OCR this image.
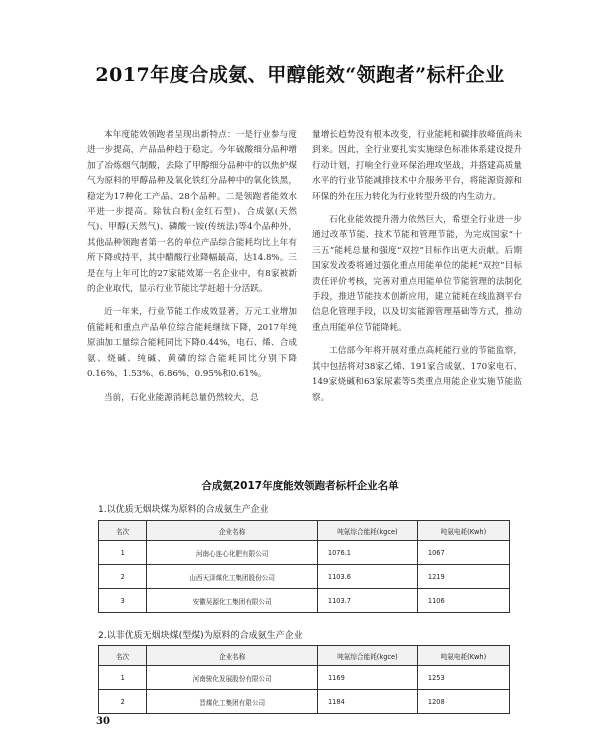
2017年度合成氨、甲醇能效“领跑者”标杆企业

本年度能效领跑者呈现出新特点：一是行业参与度进一步提高，产品品种趋于稳定。今年硫酸细分品种增加了冶炼烟气制酸，去除了甲醇细分品种中的以焦炉煤气为原料的甲醇品种及氧化铁红分品种中的氧化铁黑，稳定为17种化工产品、28个品种。二是领跑者能效水平进一步提高。除钛白粉(金红石型)、合成氨(天然气)、甲醇(天然气)、磷酸一铵(传统法)等4个品种外，其他品种领跑者第一名的单位产品综合能耗均比上年有所下降或持平，其中醋酸行业降幅最高，达14.8%。三是在与上年可比的27家能效第一名企业中，有8家被新的企业取代，显示行业节能比学赶超十分活跃。

近一年来，行业节能工作成效显著，万元工业增加值能耗和重点产品单位综合能耗继续下降，2017年纯原油加工量综合能耗同比下降0.44%，电石、烯、合成氨、烧碱、纯碱、黄磷的综合能耗同比分别下降0.16%、1.53%、6.86%、0.95%和0.61%。

当前，石化业能源消耗总量仍然较大，总

量增长趋势没有根本改变，行业能耗和碳排放峰值尚未到来。因此，全行业要扎实实施绿色标准体系建设提升行动计划，打响全行业环保治理攻坚战，并搭建高质量水平的行业节能减排技术中介服务平台，将能源资源和环保的外在压力转化为行业转型升级的内生动力。

石化业能效提升潜力依然巨大，希望全行业进一步通过改革节能、技术节能和管理节能，为完成国家“十三五”能耗总量和强度“双控”目标作出更大贡献。后期国家发改委将通过强化重点用能单位的能耗“双控”目标责任评价考核，完善对重点用能单位节能管理的法制化手段，推进节能技术创新应用，建立能耗在线监测平台信息化管理手段，以及切实能源管理基础等方式，推动重点用能单位节能降耗。

工信部今年将开展对重点高耗能行业的节能监察，其中包括将对38家乙烯、191家合成氨、170家电石、149家烧碱和63家尿素等5类重点用能企业实施节能监察。

合成氨2017年度能效领跑者标杆企业名单
1.以优质无烟块煤为原料的合成氨生产企业
名次	企业名称	吨氨综合能耗(kgce)	吨氨电耗(Kwh)
1	河南心连心化肥有限公司	1076.1	1067
2	山西天泽煤化工集团股份公司	1103.6	1219
3	安徽吴源化工集团有限公司	1103.7	1106
2.以非优质无烟块煤(型煤)为原料的合成氨生产企业
名次	企业名称	吨氨综合能耗(kgce)	吨氨电耗(Kwh)
1	河南骏化发展股份有限公司	1169	1253
2	晋煤化工集团有限公司	1184	1208
30
